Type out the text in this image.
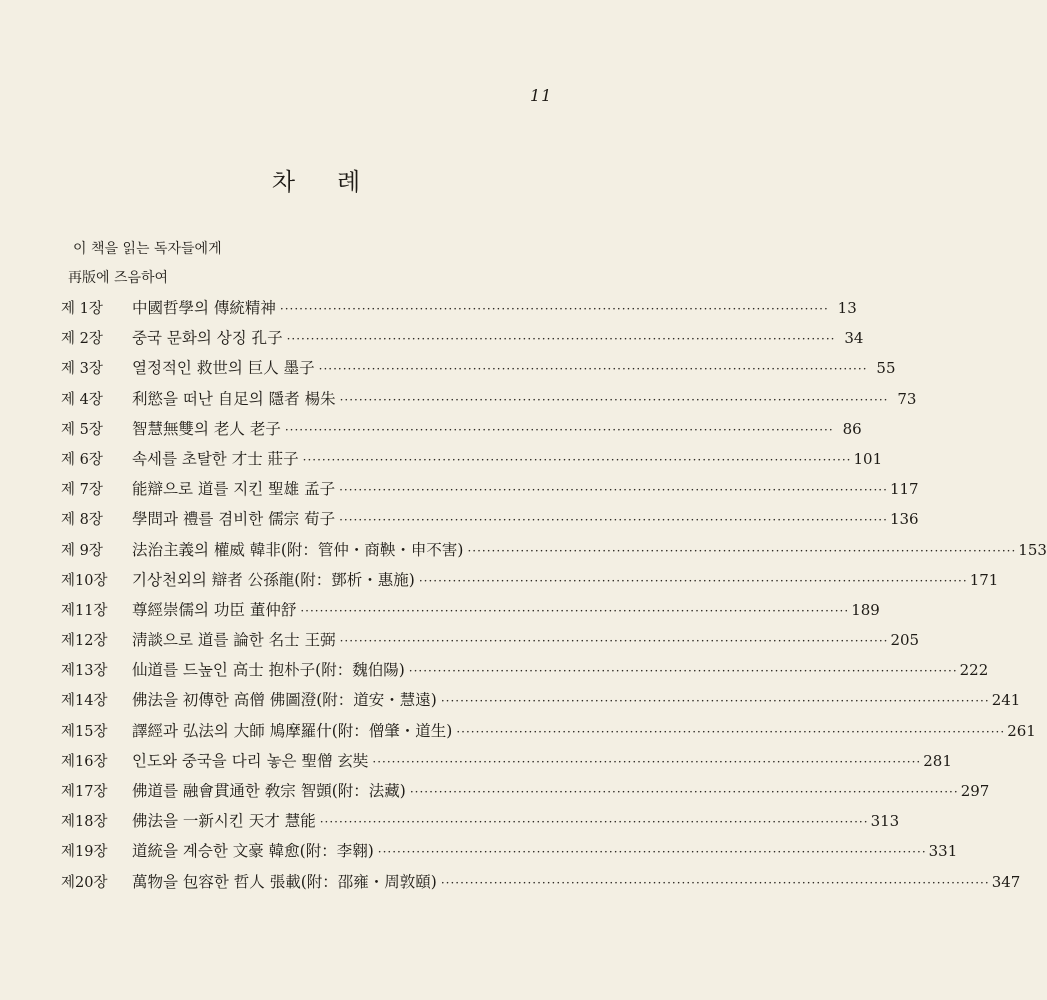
11
차례
이 책을 읽는 독자들에게
再版에 즈음하여
제 1장	中國哲學의 傳統精神 ·····	13
제 2장	중국 문화의 상징 孔子 ·····	34
제 3장	열정적인 救世의 巨人 墨子 ·····	55
제 4장	利慾을 떠난 自足의 隱者 楊朱 ·····	73
제 5장	智慧無雙의 老人 老子 ·····	86
제 6장	속세를 초탈한 才士 莊子 ·····	101
제 7장	能辯으로 道를 지킨 聖雄 孟子 ·····	117
제 8장	學問과 禮를 겸비한 儒宗 荀子 ·····	136
제 9장	法治主義의 權威 韓非(附：管仲・商鞅・申不害) ·····	153
제10장	기상천외의 辯者 公孫龍(附：鄧析・惠施) ·····	171
제11장	尊經崇儒의 功臣 董仲舒 ·····	189
제12장	淸談으로 道를 論한 名士 王弼 ·····	205
제13장	仙道를 드높인 高士 抱朴子(附：魏伯陽) ·····	222
제14장	佛法을 初傳한 高僧 佛圖澄(附：道安・慧遠) ·····	241
제15장	譯經과 弘法의 大師 鳩摩羅什(附：僧肇・道生) ·····	261
제16장	인도와 중국을 다리 놓은 聖僧 玄奘 ·····	281
제17장	佛道를 融會貫通한 敎宗 智顗(附：法藏) ·····	297
제18장	佛法을 一新시킨 天才 慧能 ·····	313
제19장	道統을 계승한 文豪 韓愈(附：李翱) ·····	331
제20장	萬物을 包容한 哲人 張載(附：邵雍・周敦頤) ·····	347
